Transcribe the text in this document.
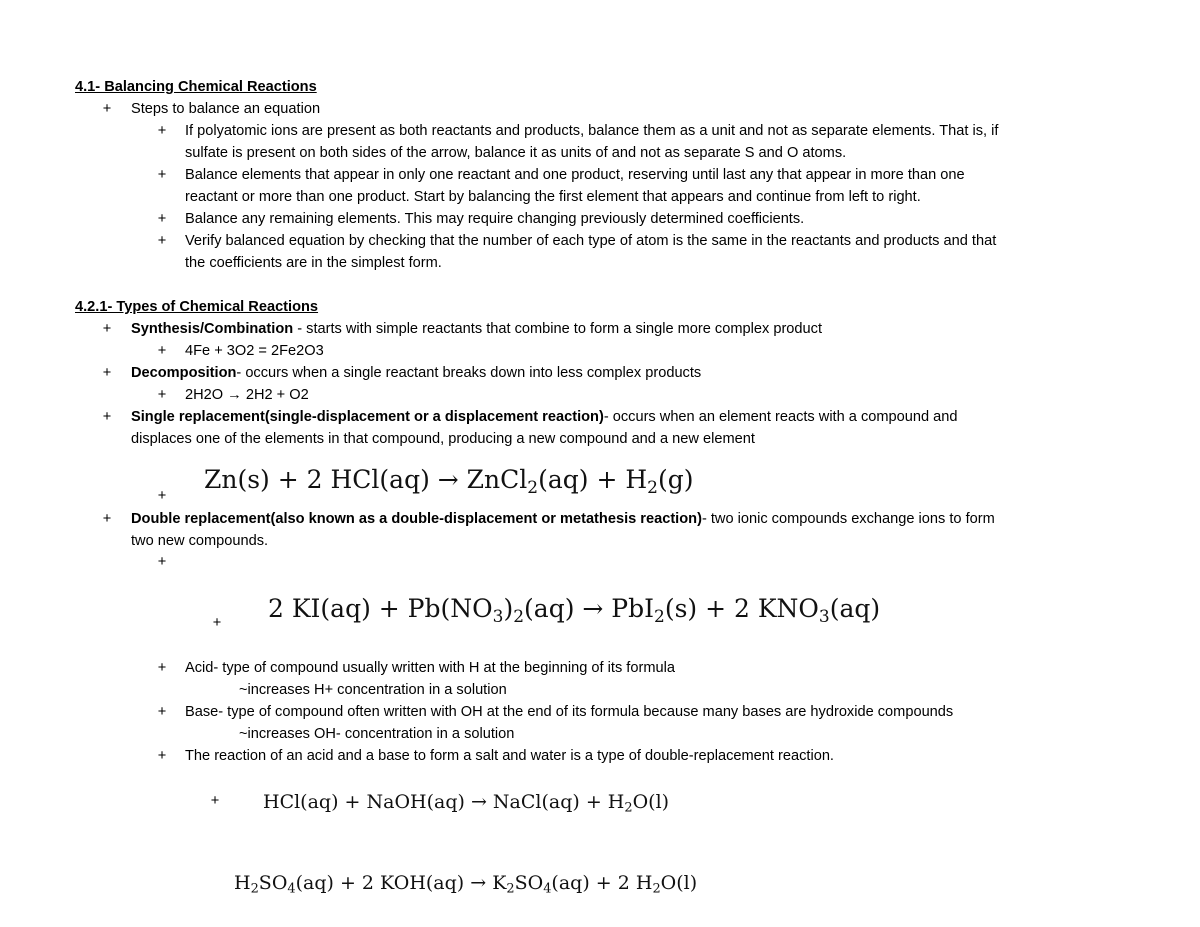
4.1- Balancing Chemical Reactions
+ Steps to balance an equation
+ If polyatomic ions are present as both reactants and products, balance them as a unit and not as separate elements. That is, if
sulfate is present on both sides of the arrow, balance it as units of and not as separate S and O atoms.
+ Balance elements that appear in only one reactant and one product, reserving until last any that appear in more than one
reactant or more than one product. Start by balancing the first element that appears and continue from left to right.
+ Balance any remaining elements. This may require changing previously determined coefficients.
+ Verify balanced equation by checking that the number of each type of atom is the same in the reactants and products and that
the coefficients are in the simplest form.
4.2.1- Types of Chemical Reactions
+ Synthesis/Combination - starts with simple reactants that combine to form a single more complex product
+ 4Fe + 3O2 = 2Fe2O3
+ Decomposition- occurs when a single reactant breaks down into less complex products
+ 2H2O → 2H2 + O2
+ Single replacement(single-displacement or a displacement reaction)- occurs when an element reacts with a compound and
displaces one of the elements in that compound, producing a new compound and a new element
+
Zn(s) + 2 HCl(aq) → ZnCl$_2$(aq) + $H_2(g)$
+ Double replacement(also known as a double-displacement or metathesis reaction)- two ionic compounds exchange ions to form
two new compounds.
+
+ 2 $KI(aq) + Pb(NO_3)_2(aq) \to PbI_2(s) + 2$ $KNO_3(aq)$
+ Acid- type of compound usually written with H at the beginning of its formula
~increases H+ concentration in a solution
+ Base- type of compound often written with OH at the end of its formula because many bases are hydroxide compounds
~increases OH- concentration in a solution
+ The reaction of an acid and a base to form a salt and water is a type of double-replacement reaction.
+ HCl(aq) + NaOH(aq) → NaCl(aq) + $H_2O(l)$
$H_2SO_4(aq) + 2$ $KOH(aq) \to K_2SO_4(aq) + 2$ $H_2O(l)$
